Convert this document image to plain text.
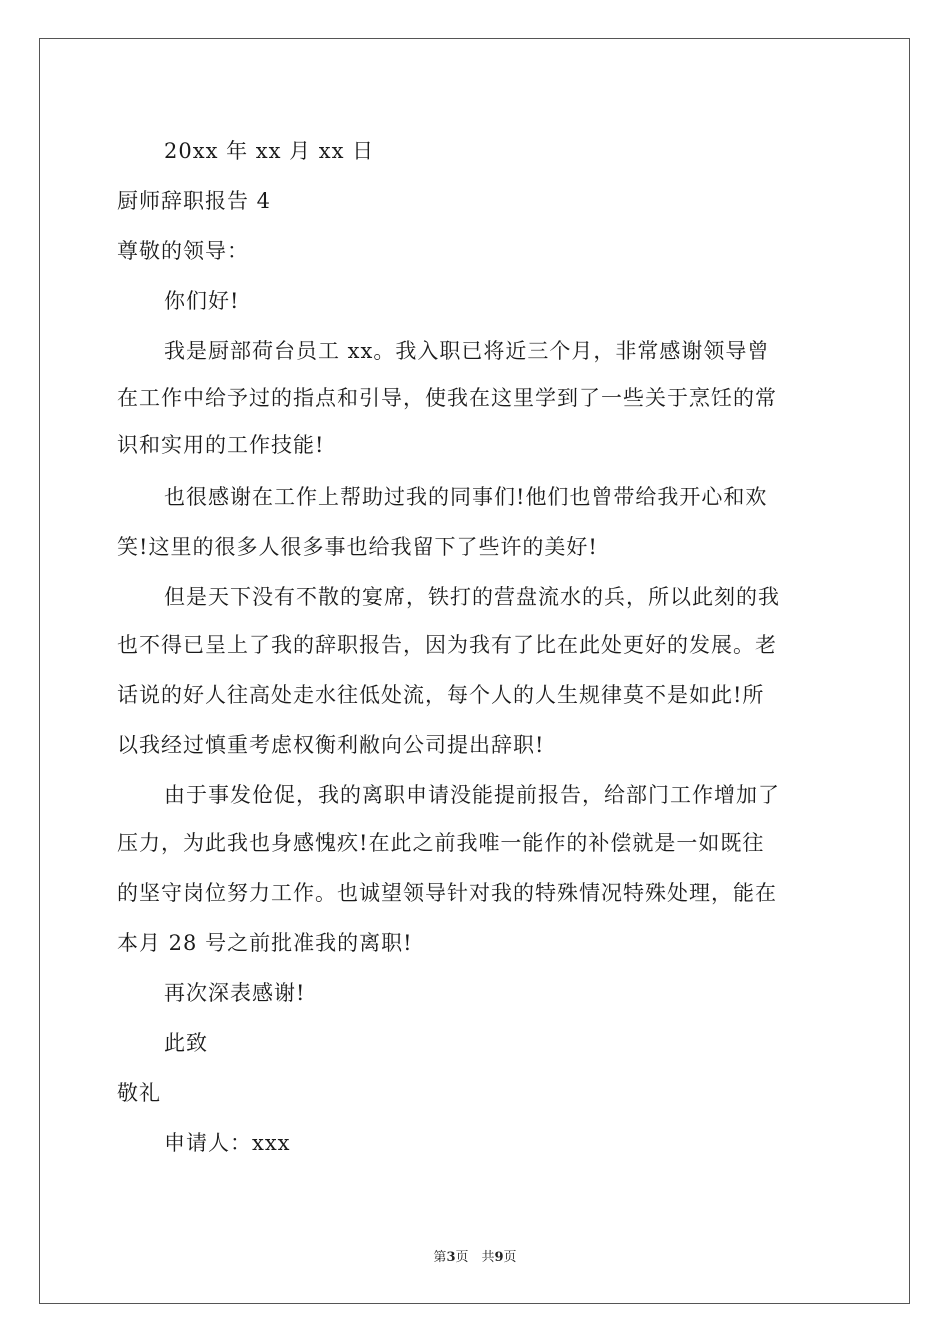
20xx 年 xx 月 xx 日
厨师辞职报告 4
尊敬的领导：
你们好!
我是厨部荷台员工 xx。我入职已将近三个月，非常感谢领导曾
在工作中给予过的指点和引导，使我在这里学到了一些关于烹饪的常
识和实用的工作技能!
也很感谢在工作上帮助过我的同事们!他们也曾带给我开心和欢
笑!这里的很多人很多事也给我留下了些许的美好!
但是天下没有不散的宴席，铁打的营盘流水的兵，所以此刻的我
也不得已呈上了我的辞职报告，因为我有了比在此处更好的发展。老
话说的好人往高处走水往低处流，每个人的人生规律莫不是如此!所
以我经过慎重考虑权衡利敝向公司提出辞职!
由于事发伧促，我的离职申请没能提前报告，给部门工作增加了
压力，为此我也身感愧疚!在此之前我唯一能作的补偿就是一如既往
的坚守岗位努力工作。也诚望领导针对我的特殊情况特殊处理，能在
本月 28 号之前批准我的离职!
再次深表感谢!
此致
敬礼
申请人：xxx
第3页　共9页
